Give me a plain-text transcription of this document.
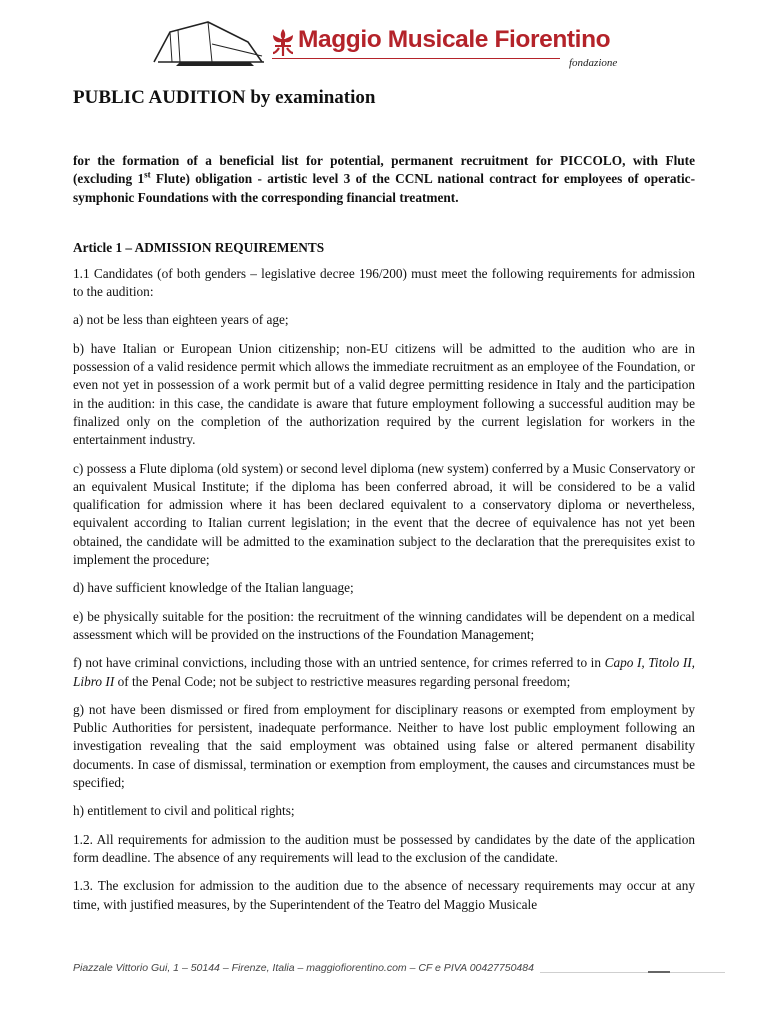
Maggio Musicale Fiorentino
fondazione
PUBLIC AUDITION by examination

for the formation of a beneficial list for potential, permanent recruitment for PICCOLO, with Flute (excluding 1st Flute) obligation - artistic level 3 of the CCNL national contract for employees of operatic-symphonic Foundations with the corresponding financial treatment.

Article 1 – ADMISSION REQUIREMENTS

1.1 Candidates (of both genders – legislative decree 196/200) must meet the following requirements for admission to the audition:

a) not be less than eighteen years of age;

b) have Italian or European Union citizenship; non-EU citizens will be admitted to the audition who are in possession of a valid residence permit which allows the immediate recruitment as an employee of the Foundation, or even not yet in possession of a work permit but of a valid degree permitting residence in Italy and the participation in the audition: in this case, the candidate is aware that future employment following a successful audition may be finalized only on the completion of the authorization required by the current legislation for workers in the entertainment industry.

c) possess a Flute diploma (old system) or second level diploma (new system) conferred by a Music Conservatory or an equivalent Musical Institute; if the diploma has been conferred abroad, it will be considered to be a valid qualification for admission where it has been declared equivalent to a conservatory diploma or nevertheless, equivalent according to Italian current legislation; in the event that the decree of equivalence has not yet been obtained, the candidate will be admitted to the examination subject to the declaration that the prerequisites exist to implement the procedure;

d) have sufficient knowledge of the Italian language;

e) be physically suitable for the position: the recruitment of the winning candidates will be dependent on a medical assessment which will be provided on the instructions of the Foundation Management;

f) not have criminal convictions, including those with an untried sentence, for crimes referred to in Capo I, Titolo II, Libro II of the Penal Code; not be subject to restrictive measures regarding personal freedom;

g) not have been dismissed or fired from employment for disciplinary reasons or exempted from employment by Public Authorities for persistent, inadequate performance. Neither to have lost public employment following an investigation revealing that the said employment was obtained using false or altered permanent disability documents. In case of dismissal, termination or exemption from employment, the causes and circumstances must be specified;

h) entitlement to civil and political rights;

1.2. All requirements for admission to the audition must be possessed by candidates by the date of the application form deadline. The absence of any requirements will lead to the exclusion of the candidate.

1.3. The exclusion for admission to the audition due to the absence of necessary requirements may occur at any time, with justified measures, by the Superintendent of the Teatro del Maggio Musicale

Piazzale Vittorio Gui, 1 – 50144 – Firenze, Italia – maggiofiorentino.com – CF e PIVA 00427750484
